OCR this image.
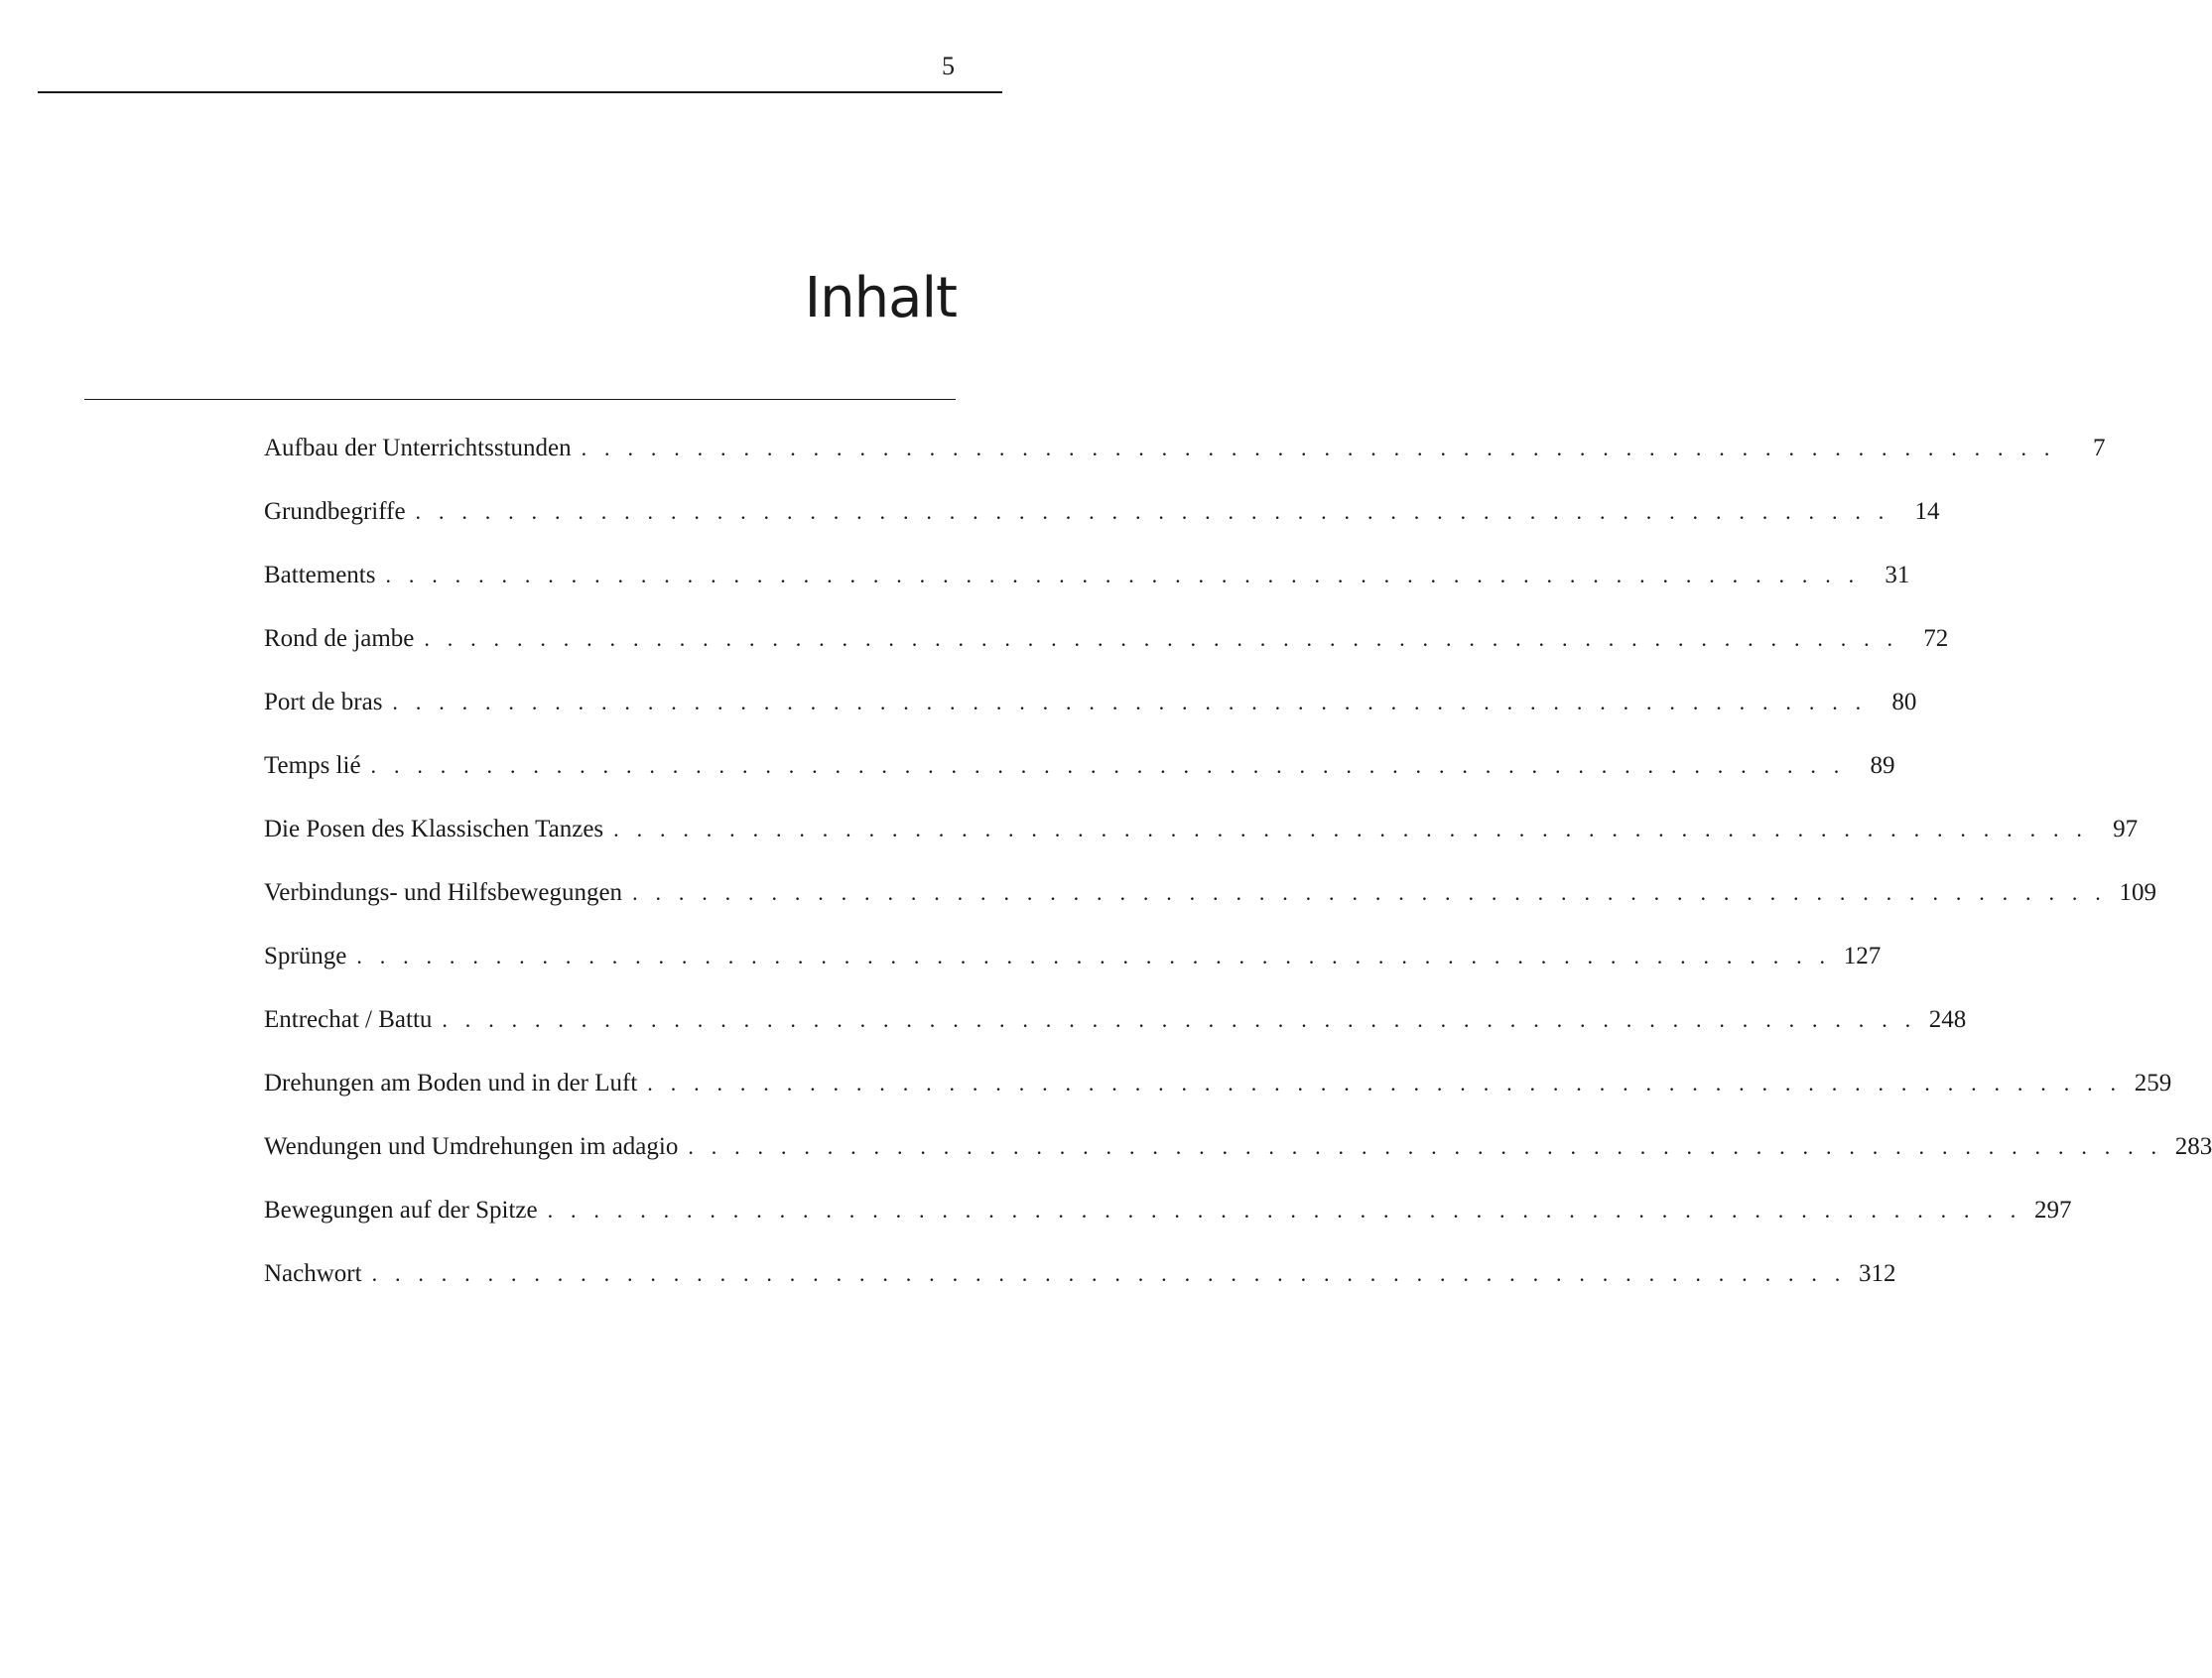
5
Inhalt
Aufbau der Unterrichtsstunden . . . . . . . . . . . . . . . . . . . . . . . . . . . . . . . . . . . . . . . . . . . . . . . . . . . . . . . . . . . . . . . .	7
Grundbegriffe . . . . . . . . . . . . . . . . . . . . . . . . . . . . . . . . . . . . . . . . . . . . . . . . . . . . . . . . . . . . . . . .	14
Battements . . . . . . . . . . . . . . . . . . . . . . . . . . . . . . . . . . . . . . . . . . . . . . . . . . . . . . . . . . . . . . . .	31
Rond de jambe . . . . . . . . . . . . . . . . . . . . . . . . . . . . . . . . . . . . . . . . . . . . . . . . . . . . . . . . . . . . . . . .	72
Port de bras . . . . . . . . . . . . . . . . . . . . . . . . . . . . . . . . . . . . . . . . . . . . . . . . . . . . . . . . . . . . . . . .	80
Temps lié . . . . . . . . . . . . . . . . . . . . . . . . . . . . . . . . . . . . . . . . . . . . . . . . . . . . . . . . . . . . . . . .	89
Die Posen des Klassischen Tanzes . . . . . . . . . . . . . . . . . . . . . . . . . . . . . . . . . . . . . . . . . . . . . . . . . . . . . . . . . . . . . . . .	97
Verbindungs- und Hilfsbewegungen . . . . . . . . . . . . . . . . . . . . . . . . . . . . . . . . . . . . . . . . . . . . . . . . . . . . . . . . . . . . . . . . 109
Sprünge . . . . . . . . . . . . . . . . . . . . . . . . . . . . . . . . . . . . . . . . . . . . . . . . . . . . . . . . . . . . . . . . 127
Entrechat / Battu . . . . . . . . . . . . . . . . . . . . . . . . . . . . . . . . . . . . . . . . . . . . . . . . . . . . . . . . . . . . . . . . 248
Drehungen am Boden und in der Luft . . . . . . . . . . . . . . . . . . . . . . . . . . . . . . . . . . . . . . . . . . . . . . . . . . . . . . . . . . . . . . . . 259
Wendungen und Umdrehungen im adagio . . . . . . . . . . . . . . . . . . . . . . . . . . . . . . . . . . . . . . . . . . . . . . . . . . . . . . . . . . . . . . . . 283
Bewegungen auf der Spitze . . . . . . . . . . . . . . . . . . . . . . . . . . . . . . . . . . . . . . . . . . . . . . . . . . . . . . . . . . . . . . . . 297
Nachwort . . . . . . . . . . . . . . . . . . . . . . . . . . . . . . . . . . . . . . . . . . . . . . . . . . . . . . . . . . . . . . . . 312
